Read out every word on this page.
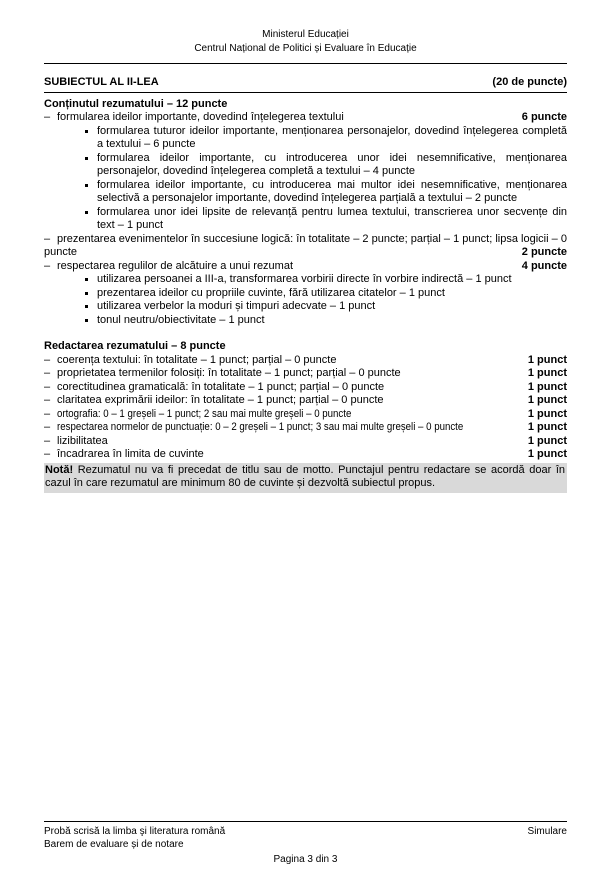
Ministerul Educației
Centrul Național de Politici și Evaluare în Educație
SUBIECTUL AL II-LEA	(20 de puncte)
Conținutul rezumatului – 12 puncte
– formularea ideilor importante, dovedind înțelegerea textului	6 puncte
formularea tuturor ideilor importante, menționarea personajelor, dovedind înțelegerea completă a textului – 6 puncte
formularea ideilor importante, cu introducerea unor idei nesemnificative, menționarea personajelor, dovedind înțelegerea completă a textului – 4 puncte
formularea ideilor importante, cu introducerea mai multor idei nesemnificative, menționarea selectivă a personajelor importante, dovedind înțelegerea parțială a textului – 2 puncte
formularea unor idei lipsite de relevanță pentru lumea textului, transcrierea unor secvențe din text – 1 punct
– prezentarea evenimentelor în succesiune logică: în totalitate – 2 puncte; parțial – 1 punct; lipsa logicii – 0 puncte	2 puncte
– respectarea regulilor de alcătuire a unui rezumat	4 puncte
utilizarea persoanei a III-a, transformarea vorbirii directe în vorbire indirectă – 1 punct
prezentarea ideilor cu propriile cuvinte, fără utilizarea citatelor – 1 punct
utilizarea verbelor la moduri și timpuri adecvate – 1 punct
tonul neutru/obiectivitate – 1 punct
Redactarea rezumatului – 8 puncte
– coerența textului: în totalitate – 1 punct; parțial – 0 puncte	1 punct
– proprietatea termenilor folosiți: în totalitate – 1 punct; parțial – 0 puncte	1 punct
– corectitudinea gramaticală: în totalitate – 1 punct; parțial – 0 puncte	1 punct
– claritatea exprimării ideilor: în totalitate – 1 punct; parțial – 0 puncte	1 punct
– ortografia: 0 – 1 greșeli – 1 punct; 2 sau mai multe greșeli – 0 puncte	1 punct
– respectarea normelor de punctuație: 0 – 2 greșeli – 1 punct; 3 sau mai multe greșeli – 0 puncte	1 punct
– lizibilitatea	1 punct
– încadrarea în limita de cuvinte	1 punct
Notă! Rezumatul nu va fi precedat de titlu sau de motto. Punctajul pentru redactare se acordă doar în cazul în care rezumatul are minimum 80 de cuvinte și dezvoltă subiectul propus.
Probă scrisă la limba şi literatura română	Simulare
Barem de evaluare și de notare
Pagina 3 din 3
